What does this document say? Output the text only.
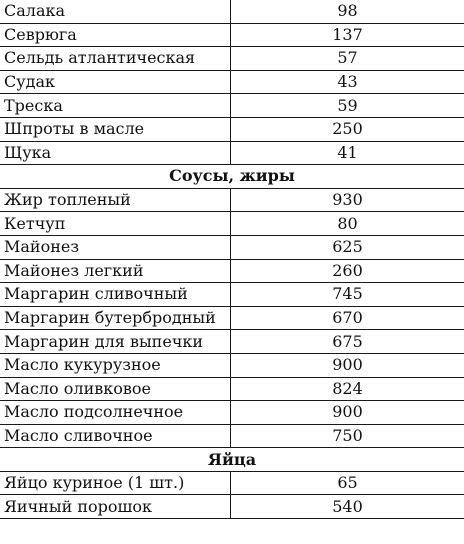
Салака	98
Севрюга	137
Сельдь атлантическая	57
Судак	43
Треска	59
Шпроты в масле	250
Щука	41
Соусы, жиры	
Жир топленый	930
Кетчуп	80
Майонез	625
Майонез легкий	260
Маргарин сливочный	745
Маргарин бутербродный	670
Маргарин для выпечки	675
Масло кукурузное	900
Масло оливковое	824
Масло подсолнечное	900
Масло сливочное	750
Яйца	
Яйцо куриное (1 шт.)	65
Яичный порошок	540
